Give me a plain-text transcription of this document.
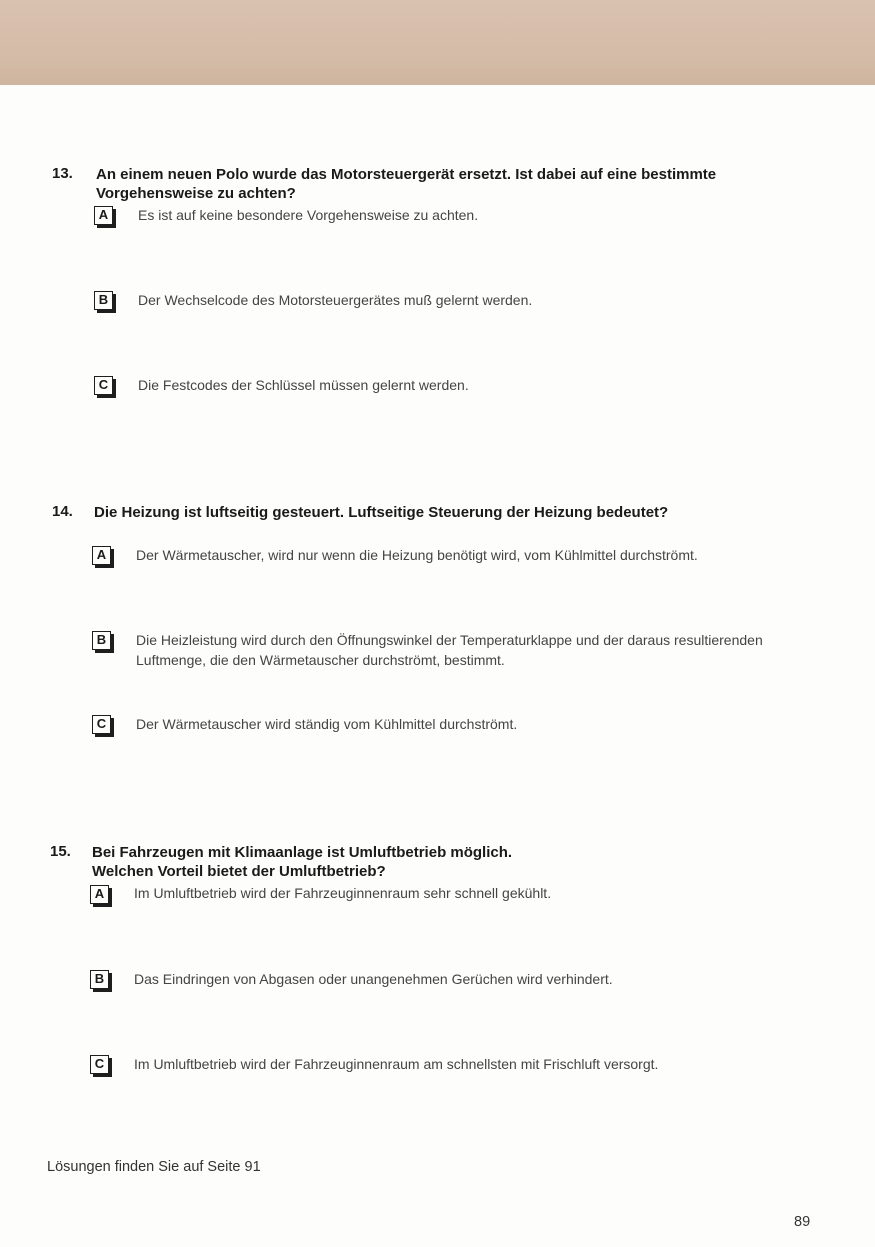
13. An einem neuen Polo wurde das Motorsteuergerät ersetzt. Ist dabei auf eine bestimmte
Vorgehensweise zu achten?
A	Es ist auf keine besondere Vorgehensweise zu achten.
B	Der Wechselcode des Motorsteuergerätes muß gelernt werden.
C	Die Festcodes der Schlüssel müssen gelernt werden.
14. Die Heizung ist luftseitig gesteuert. Luftseitige Steuerung der Heizung bedeutet?
A	Der Wärmetauscher, wird nur wenn die Heizung benötigt wird, vom Kühlmittel durchströmt.
B	Die Heizleistung wird durch den Öffnungswinkel der Temperaturklappe und der daraus resultierenden Luftmenge, die den Wärmetauscher durchströmt, bestimmt.
C	Der Wärmetauscher wird ständig vom Kühlmittel durchströmt.
15. Bei Fahrzeugen mit Klimaanlage ist Umluftbetrieb möglich.
Welchen Vorteil bietet der Umluftbetrieb?
A	Im Umluftbetrieb wird der Fahrzeuginnenraum sehr schnell gekühlt.
B	Das Eindringen von Abgasen oder unangenehmen Gerüchen wird verhindert.
C	Im Umluftbetrieb wird der Fahrzeuginnenraum am schnellsten mit Frischluft versorgt.
Lösungen finden Sie auf Seite 91
89
